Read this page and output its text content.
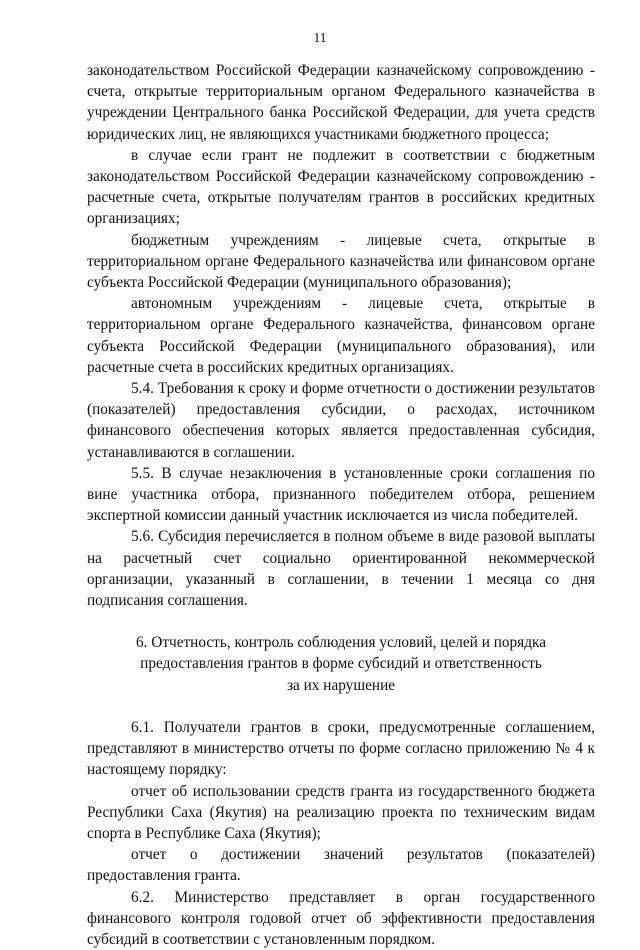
11

законодательством Российской Федерации казначейскому сопровождению - счета, открытые территориальным органом Федерального казначейства в учреждении Центрального банка Российской Федерации, для учета средств юридических лиц, не являющихся участниками бюджетного процесса;

в случае если грант не подлежит в соответствии с бюджетным законодательством Российской Федерации казначейскому сопровождению - расчетные счета, открытые получателям грантов в российских кредитных организациях;

бюджетным учреждениям - лицевые счета, открытые в территориальном органе Федерального казначейства или финансовом органе субъекта Российской Федерации (муниципального образования);

автономным учреждениям - лицевые счета, открытые в территориальном органе Федерального казначейства, финансовом органе субъекта Российской Федерации (муниципального образования), или расчетные счета в российских кредитных организациях.

5.4. Требования к сроку и форме отчетности о достижении результатов (показателей) предоставления субсидии, о расходах, источником финансового обеспечения которых является предоставленная субсидия, устанавливаются в соглашении.

5.5. В случае незаключения в установленные сроки соглашения по вине участника отбора, признанного победителем отбора, решением экспертной комиссии данный участник исключается из числа победителей.

5.6. Субсидия перечисляется в полном объеме в виде разовой выплаты на расчетный счет социально ориентированной некоммерческой организации, указанный в соглашении, в течении 1 месяца со дня подписания соглашения.

6. Отчетность, контроль соблюдения условий, целей и порядка
предоставления грантов в форме субсидий и ответственность
за их нарушение

6.1. Получатели грантов в сроки, предусмотренные соглашением, представляют в министерство отчеты по форме согласно приложению № 4 к настоящему порядку:

отчет об использовании средств гранта из государственного бюджета Республики Саха (Якутия) на реализацию проекта по техническим видам спорта в Республике Саха (Якутия);

отчет о достижении значений результатов (показателей) предоставления гранта.

6.2. Министерство представляет в орган государственного финансового контроля годовой отчет об эффективности предоставления субсидий в соответствии с установленным порядком.
